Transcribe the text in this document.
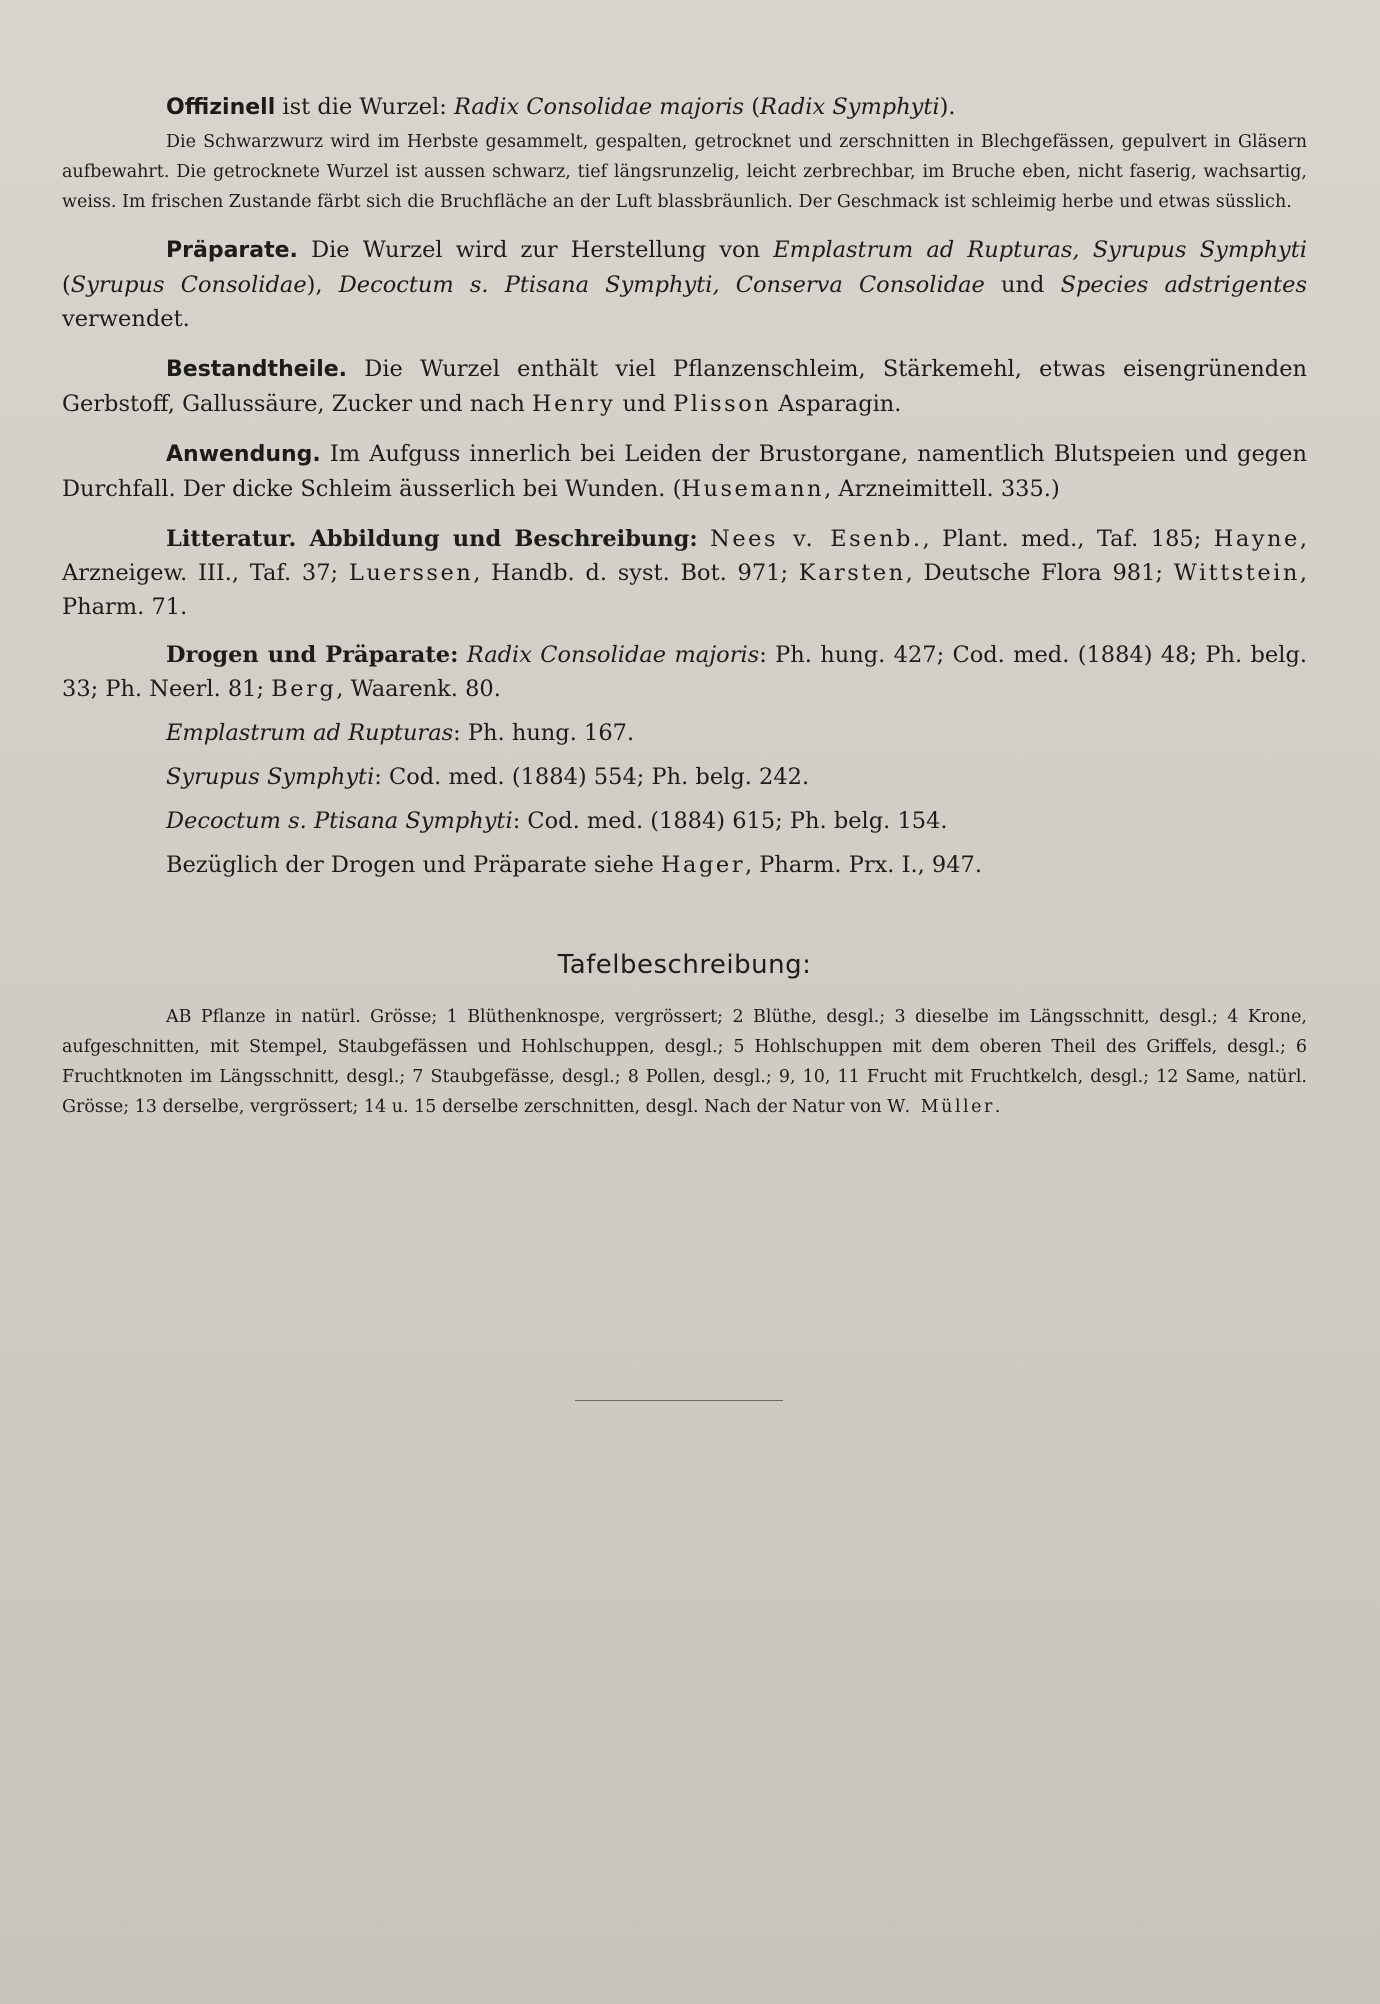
Offizinell ist die Wurzel: Radix Consolidae majoris (Radix Symphyti).

Die Schwarzwurz wird im Herbste gesammelt, gespalten, getrocknet und zerschnitten in Blechgefässen, gepulvert in Gläsern aufbewahrt. Die getrocknete Wurzel ist aussen schwarz, tief längsrunzelig, leicht zerbrechbar, im Bruche eben, nicht faserig, wachsartig, weiss. Im frischen Zustande färbt sich die Bruchfläche an der Luft blassbräunlich. Der Geschmack ist schleimig herbe und etwas süsslich.

Präparate. Die Wurzel wird zur Herstellung von Emplastrum ad Rupturas, Syrupus Symphyti (Syrupus Consolidae), Decoctum s. Ptisana Symphyti, Conserva Consolidae und Species adstrigentes verwendet.

Bestandtheile. Die Wurzel enthält viel Pflanzenschleim, Stärkemehl, etwas eisengrünenden Gerbstoff, Gallussäure, Zucker und nach Henry und Plisson Asparagin.

Anwendung. Im Aufguss innerlich bei Leiden der Brustorgane, namentlich Blutspeien und gegen Durchfall. Der dicke Schleim äusserlich bei Wunden. (Husemann, Arzneimittell. 335.)

Litteratur. Abbildung und Beschreibung: Nees v. Esenb., Plant. med., Taf. 185; Hayne, Arzneigew. III., Taf. 37; Luerssen, Handb. d. syst. Bot. 971; Karsten, Deutsche Flora 981; Wittstein, Pharm. 71.

Drogen und Präparate: Radix Consolidae majoris: Ph. hung. 427; Cod. med. (1884) 48; Ph. belg. 33; Ph. Neerl. 81; Berg, Waarenk. 80.

Emplastrum ad Rupturas: Ph. hung. 167.

Syrupus Symphyti: Cod. med. (1884) 554; Ph. belg. 242.

Decoctum s. Ptisana Symphyti: Cod. med. (1884) 615; Ph. belg. 154.

Bezüglich der Drogen und Präparate siehe Hager, Pharm. Prx. I., 947.

Tafelbeschreibung:

AB Pflanze in natürl. Grösse; 1 Blüthenknospe, vergrössert; 2 Blüthe, desgl.; 3 dieselbe im Längsschnitt, desgl.; 4 Krone, aufgeschnitten, mit Stempel, Staubgefässen und Hohlschuppen, desgl.; 5 Hohlschuppen mit dem oberen Theil des Griffels, desgl.; 6 Fruchtknoten im Längsschnitt, desgl.; 7 Staubgefässe, desgl.; 8 Pollen, desgl.; 9, 10, 11 Frucht mit Fruchtkelch, desgl.; 12 Same, natürl. Grösse; 13 derselbe, vergrössert; 14 u. 15 derselbe zerschnitten, desgl. Nach der Natur von W. Müller.
